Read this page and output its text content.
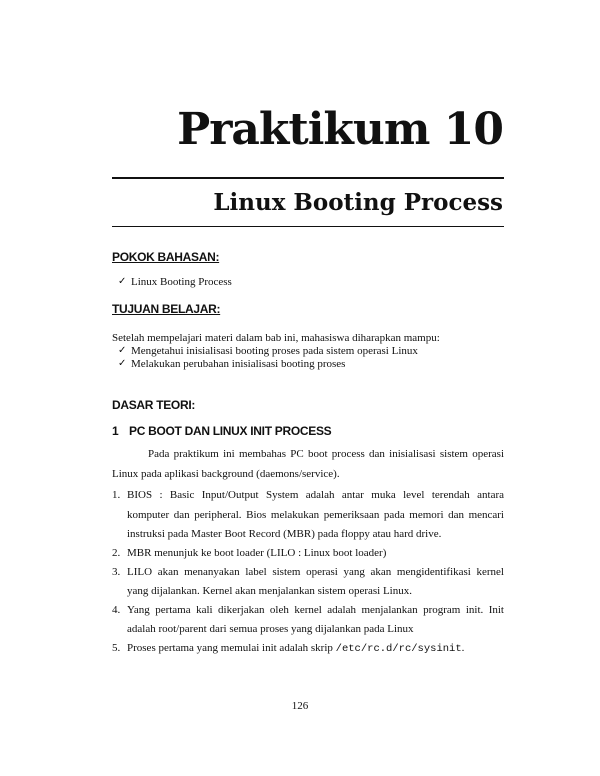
Praktikum 10
Linux Booting Process
POKOK BAHASAN:
✓ Linux Booting Process
TUJUAN BELAJAR:
Setelah mempelajari materi dalam bab ini, mahasiswa diharapkan mampu:
✓ Mengetahui inisialisasi booting proses pada sistem operasi Linux
✓ Melakukan perubahan inisialisasi booting proses
DASAR TEORI:
1 PC BOOT DAN LINUX INIT PROCESS
Pada praktikum ini membahas PC boot process dan inisialisasi sistem operasi
Linux pada aplikasi background (daemons/service).
1. BIOS : Basic Input/Output System adalah antar muka level terendah antara
komputer dan peripheral. Bios melakukan pemeriksaan pada memori dan mencari
instruksi pada Master Boot Record (MBR) pada floppy atau hard drive.
2. MBR menunjuk ke boot loader (LILO : Linux boot loader)
3. LILO akan menanyakan label sistem operasi yang akan mengidentifikasi kernel
yang dijalankan. Kernel akan menjalankan sistem operasi Linux.
4. Yang pertama kali dikerjakan oleh kernel adalah menjalankan program init. Init
adalah root/parent dari semua proses yang dijalankan pada Linux
5. Proses pertama yang memulai init adalah skrip /etc/rc.d/rc/sysinit.
126
